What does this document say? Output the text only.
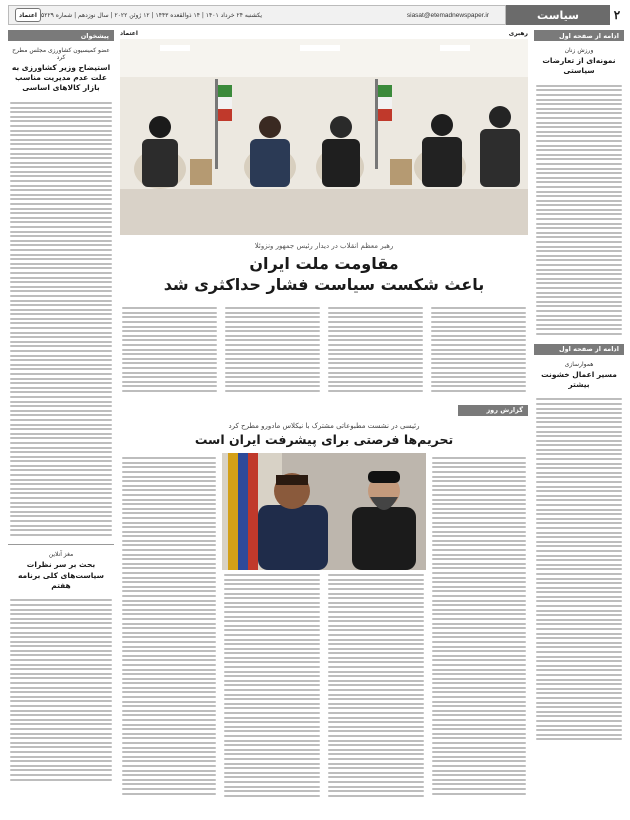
۲
سیاست
siasat@etemadnewspaper.ir
یکشنبه ۲۴ خرداد ۱۴۰۱ | ۱۴ ذوالقعده ۱۴۴۳ | ۱۲ ژوئن ۲۰۲۲ | سال نوزدهم | شماره ۵۲۲۹
اعتماد
ادامه از صفحه اول
ورزش زنان
نمونه‌ای از تعارضات سیاستی
ادامه از صفحه اول
هموارسازی
مسیر اعمال خشونت بیشتر
پیشخوان
عضو کمیسیون کشاورزی مجلس مطرح کرد
استیضاح وزیر کشاورزی به علت عدم مدیریت مناسب بازار کالاهای اساسی
مغز آنلاین
بحث بر سر نظرات سیاست‌های کلی برنامه هفتم
رهبری
اعتماد
رهبر معظم انقلاب در دیدار رئیس جمهور ونزوئلا
مقاومت ملت ایران
باعث شکست سیاست فشار حداکثری شد
گزارش روز
رئیسی در نشست مطبوعاتی مشترک با نیکلاس مادورو مطرح کرد
تحریم‌ها فرصتی برای پیشرفت ایران است
